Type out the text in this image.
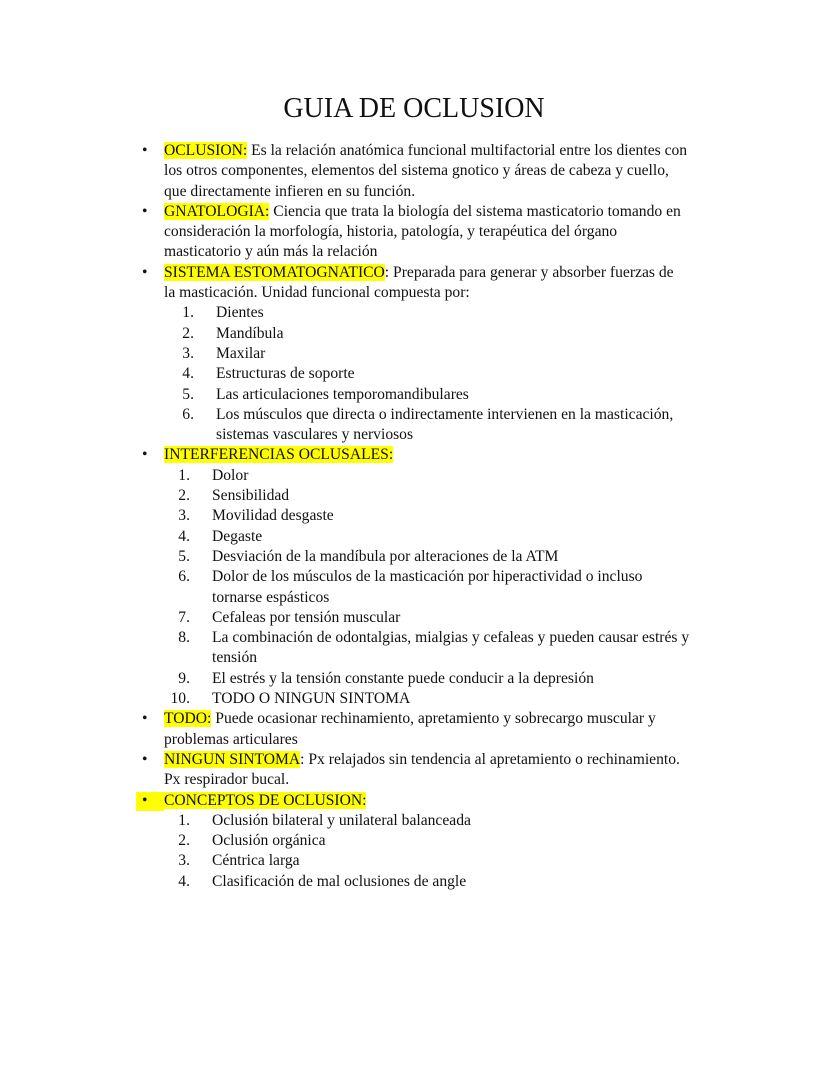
GUIA DE OCLUSION
• OCLUSION: Es la relación anatómica funcional multifactorial entre los dientes con
los otros componentes, elementos del sistema gnotico y áreas de cabeza y cuello,
que directamente infieren en su función.
• GNATOLOGIA: Ciencia que trata la biología del sistema masticatorio tomando en
consideración la morfología, historia, patología, y terapéutica del órgano
masticatorio y aún más la relación
• SISTEMA ESTOMATOGNATICO: Preparada para generar y absorber fuerzas de
la masticación. Unidad funcional compuesta por:
1. Dientes
2. Mandíbula
3. Maxilar
4. Estructuras de soporte
5. Las articulaciones temporomandibulares
6. Los músculos que directa o indirectamente intervienen en la masticación,
sistemas vasculares y nerviosos
• INTERFERENCIAS OCLUSALES:
1. Dolor
2. Sensibilidad
3. Movilidad desgaste
4. Degaste
5. Desviación de la mandíbula por alteraciones de la ATM
6. Dolor de los músculos de la masticación por hiperactividad o incluso
tornarse espásticos
7. Cefaleas por tensión muscular
8. La combinación de odontalgias, mialgias y cefaleas y pueden causar estrés y
tensión
9. El estrés y la tensión constante puede conducir a la depresión
10. TODO O NINGUN SINTOMA
• TODO: Puede ocasionar rechinamiento, apretamiento y sobrecargo muscular y
problemas articulares
• NINGUN SINTOMA: Px relajados sin tendencia al apretamiento o rechinamiento.
Px respirador bucal.
• CONCEPTOS DE OCLUSION:
1. Oclusión bilateral y unilateral balanceada
2. Oclusión orgánica
3. Céntrica larga
4. Clasificación de mal oclusiones de angle
